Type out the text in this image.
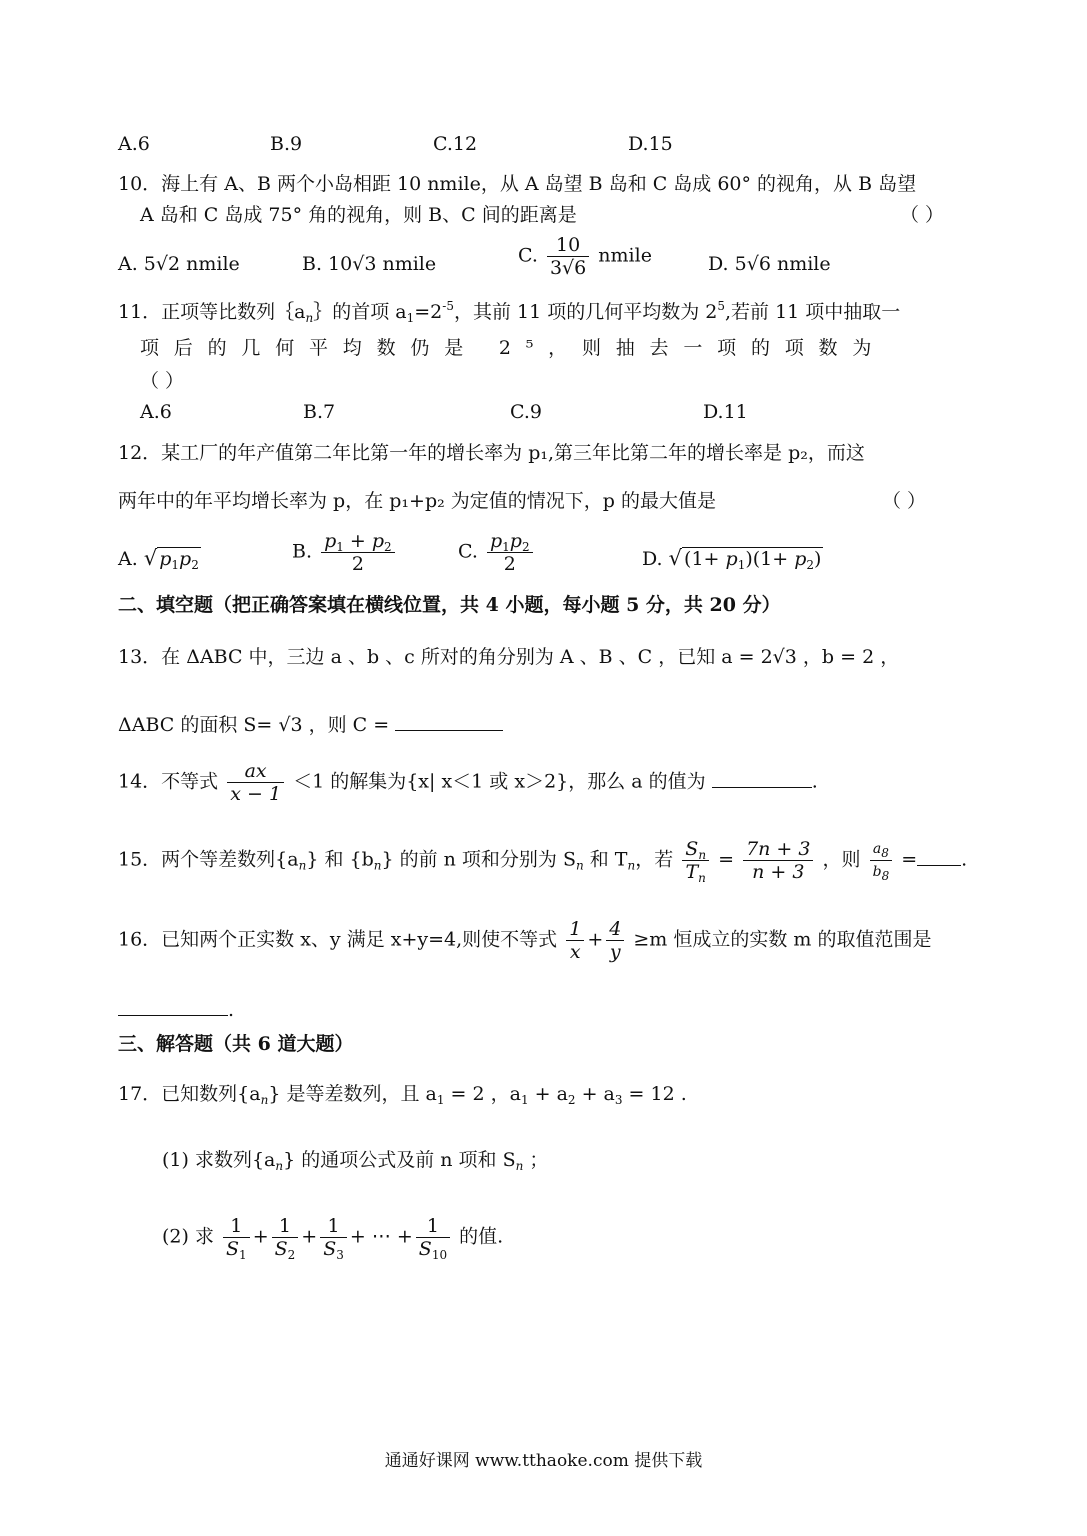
A.6	B.9	C.12	D.15
10．海上有 A、B 两个小岛相距 10 nmile，从 A 岛望 B 岛和 C 岛成 60° 的视角，从 B 岛望
A 岛和 C 岛成 75° 角的视角，则 B、C 间的距离是	（ ）
A. 5√2 nmile	B. 10√3 nmile	C. $\frac{10}{3√6}$ nmile	D. 5√6 nmile
11．正项等比数列$\{a_n\}$的首项 $a_1=2^{-5}$，其前 11 项的几何平均数为 $2^5$,若前 11 项中抽取一
项后的几何平均数仍是 2⁵，则抽去一项的项数为
（ ）
A.6	B.7	C.9	D.11
12．某工厂的年产值第二年比第一年的增长率为 p₁,第三年比第二年的增长率是 p₂，而这
两年中的年平均增长率为 p，在 p₁+p₂ 为定值的情况下，p 的最大值是	（ ）
A. √ $p_1p_2$
B. $\frac{p_1 + p_2}{2}$	C. $\frac{p_1p_2}{2}$	D. √ $(1+ p_1)(1+ p_2)$
二、填空题（把正确答案填在横线位置，共 4 小题，每小题 5 分，共 20 分）
13．在 ΔABC 中，三边 a 、b 、c 所对的角分别为 A 、B 、C ，已知 a = 2√3 ，b = 2 ，
ΔABC 的面积 S= √3 ，则 C =
14．不等式 $\frac{ax}{x - 1} <1$ 的解集为{x| x＜1 或 x＞2}，那么 a 的值为	.
15．两个等差数列$\{a_n\}$ 和 $\{b_n\}$ 的前 n 项和分别为 $S_n$ 和 $T_n$，若 $\frac{S_n}{T_n} = \frac{7n + 3}{n + 3}$ ，则 $\frac{a_8}{b_8}$ = .
16．已知两个正实数 x、y 满足 x+y=4,则使不等式 $\frac{1}{x} + \frac{4}{y} \ge m$ 恒成立的实数 m 的取值范围是
.
三、解答题（共 6 道大题）
17．已知数列$\{a_n\}$ 是等差数列，且 $a_1 = 2$ ，$a_1 + a_2 + a_3 = 12$ .
(1) 求数列$\{a_n\}$ 的通项公式及前 n 项和 $S_n$ ；
(2) 求 $\frac{1}{S_1} + \frac{1}{S_2} + \frac{1}{S_3}$ + ⋯ + $\frac{1}{S_{10}}$ 的值.
通通好课网 www.tthaoke.com 提供下载
